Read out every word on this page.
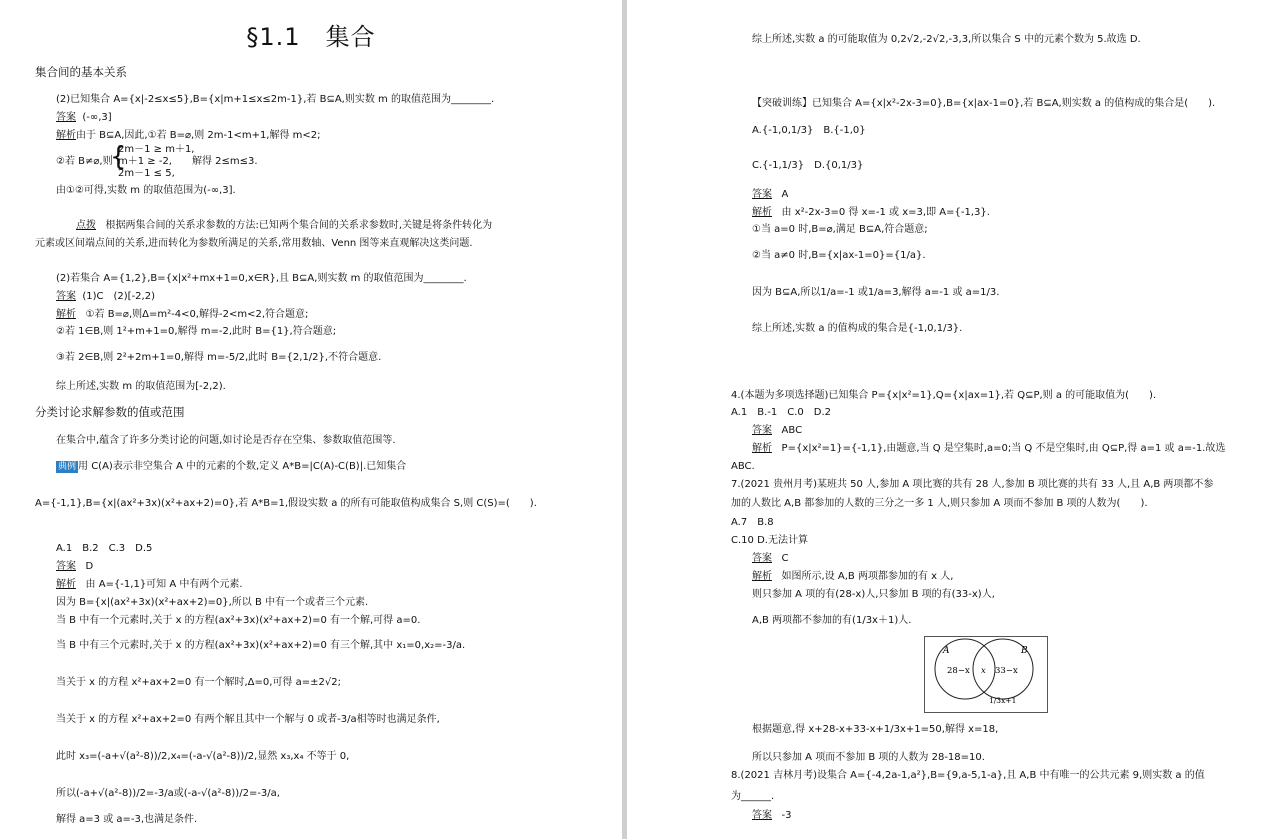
§1.1　集合
集合间的基本关系
(2)已知集合 A={x|-2≤x≤5},B={x|m+1≤x≤2m-1},若 B⊆A,则实数 m 的取值范围为________.
答案 (-∞,3]
解析由于 B⊆A,因此,①若 B=⌀,则 2m-1<m+1,解得 m<2;
②若 B≠⌀,则
{
2m－1 ≥ m＋1,
m＋1 ≥ -2,
2m－1 ≤ 5,
解得 2≤m≤3.
由①②可得,实数 m 的取值范围为(-∞,3].
点拨 根据两集合间的关系求参数的方法:已知两个集合间的关系求参数时,关键是将条件转化为
元素或区间端点间的关系,进而转化为参数所满足的关系,常用数轴、Venn 图等来直观解决这类问题.
(2)若集合 A={1,2},B={x|x²+mx+1=0,x∈R},且 B⊆A,则实数 m 的取值范围为________.
答案 (1)C　(2)[-2,2)
解析 ①若 B=⌀,则Δ=m²-4<0,解得-2<m<2,符合题意;
②若 1∈B,则 1²+m+1=0,解得 m=-2,此时 B={1},符合题意;
③若 2∈B,则 2²+2m+1=0,解得 m=-5/2,此时 B={2,1/2},不符合题意.
综上所述,实数 m 的取值范围为[-2,2).
分类讨论求解参数的值或范围
在集合中,蕴含了许多分类讨论的问题,如讨论是否存在空集、参数取值范围等.
典例 用 C(A)表示非空集合 A 中的元素的个数,定义 A*B=|C(A)-C(B)|.已知集合
A={-1,1},B={x|(ax²+3x)(x²+ax+2)=0},若 A*B=1,假设实数 a 的所有可能取值构成集合 S,则 C(S)=(　　).
A.1　B.2　C.3　D.5
答案 D
解析 由 A={-1,1}可知 A 中有两个元素.
因为 B={x|(ax²+3x)(x²+ax+2)=0},所以 B 中有一个或者三个元素.
当 B 中有一个元素时,关于 x 的方程(ax²+3x)(x²+ax+2)=0 有一个解,可得 a=0.
当 B 中有三个元素时,关于 x 的方程(ax²+3x)(x²+ax+2)=0 有三个解,其中 x₁=0,x₂=-3/a.
当关于 x 的方程 x²+ax+2=0 有一个解时,Δ=0,可得 a=±2√2;
当关于 x 的方程 x²+ax+2=0 有两个解且其中一个解与 0 或者-3/a相等时也满足条件,
此时 x₃=(-a+√(a²-8))/2,x₄=(-a-√(a²-8))/2,显然 x₃,x₄ 不等于 0,
所以(-a+√(a²-8))/2=-3/a或(-a-√(a²-8))/2=-3/a,
解得 a=3 或 a=-3,也满足条件.
综上所述,实数 a 的可能取值为 0,2√2,-2√2,-3,3,所以集合 S 中的元素个数为 5.故选 D.
【突破训练】已知集合 A={x|x²-2x-3=0},B={x|ax-1=0},若 B⊆A,则实数 a 的值构成的集合是(　　).
A.{-1,0,1/3}　B.{-1,0}
C.{-1,1/3}　D.{0,1/3}
答案 A
解析 由 x²-2x-3=0 得 x=-1 或 x=3,即 A={-1,3}.
①当 a=0 时,B=⌀,满足 B⊆A,符合题意;
②当 a≠0 时,B={x|ax-1=0}={1/a}.
因为 B⊆A,所以1/a=-1 或1/a=3,解得 a=-1 或 a=1/3.
综上所述,实数 a 的值构成的集合是{-1,0,1/3}.
4.(本题为多项选择题)已知集合 P={x|x²=1},Q={x|ax=1},若 Q⊆P,则 a 的可能取值为(　　).
A.1　B.-1　C.0　D.2
答案 ABC
解析 P={x|x²=1}={-1,1},由题意,当 Q 是空集时,a=0;当 Q 不是空集时,由 Q⊆P,得 a=1 或 a=-1.故选
ABC.
7.(2021 贵州月考)某班共 50 人,参加 A 项比赛的共有 28 人,参加 B 项比赛的共有 33 人,且 A,B 两项都不参
加的人数比 A,B 都参加的人数的三分之一多 1 人,则只参加 A 项而不参加 B 项的人数为(　　).
A.7　B.8
C.10 D.无法计算
答案 C
解析 如图所示,设 A,B 两项都参加的有 x 人,
则只参加 A 项的有(28-x)人,只参加 B 项的有(33-x)人,
A,B 两项都不参加的有(1/3x＋1)人.
根据题意,得 x+28-x+33-x+1/3x+1=50,解得 x=18,
所以只参加 A 项而不参加 B 项的人数为 28-18=10.
8.(2021 吉林月考)设集合 A={-4,2a-1,a²},B={9,a-5,1-a},且 A,B 中有唯一的公共元素 9,则实数 a 的值
为______.
答案 -3
A	B
28−x x 33−x
1/3x+1
